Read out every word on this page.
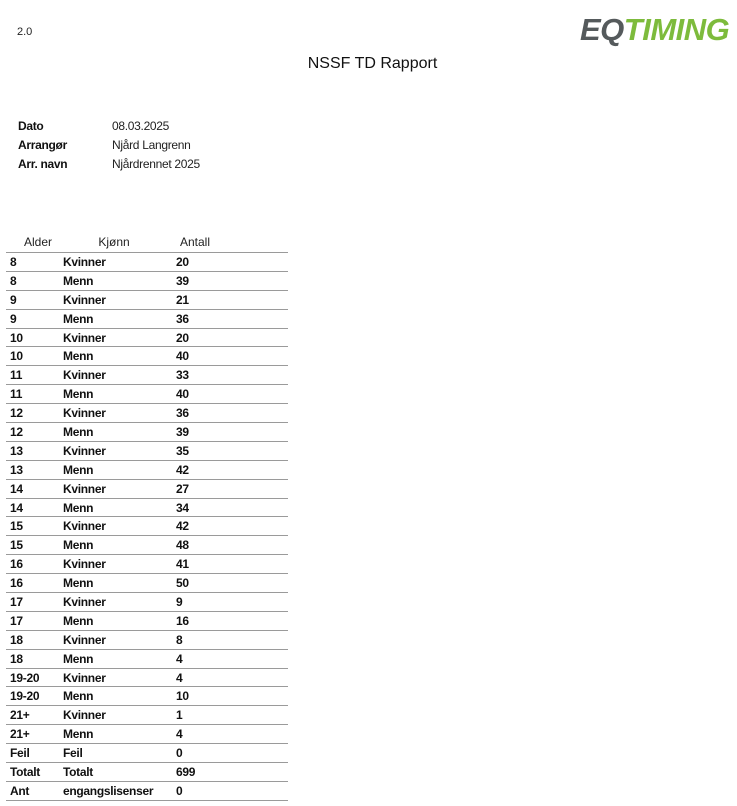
2.0	EQ TIMING
NSSF TD Rapport
Dato	08.03.2025
Arrangør	Njård Langrenn
Arr. navn	Njårdrennet 2025
Alder	Kjønn	Antall
8	Kvinner	20
8	Menn	39
9	Kvinner	21
9	Menn	36
10	Kvinner	20
10	Menn	40
11	Kvinner	33
11	Menn	40
12	Kvinner	36
12	Menn	39
13	Kvinner	35
13	Menn	42
14	Kvinner	27
14	Menn	34
15	Kvinner	42
15	Menn	48
16	Kvinner	41
16	Menn	50
17	Kvinner	9
17	Menn	16
18	Kvinner	8
18	Menn	4
19-20	Kvinner	4
19-20	Menn	10
21+	Kvinner	1
21+	Menn	4
Feil	Feil	0
Totalt	Totalt	699
Ant	engangslisenser	0
